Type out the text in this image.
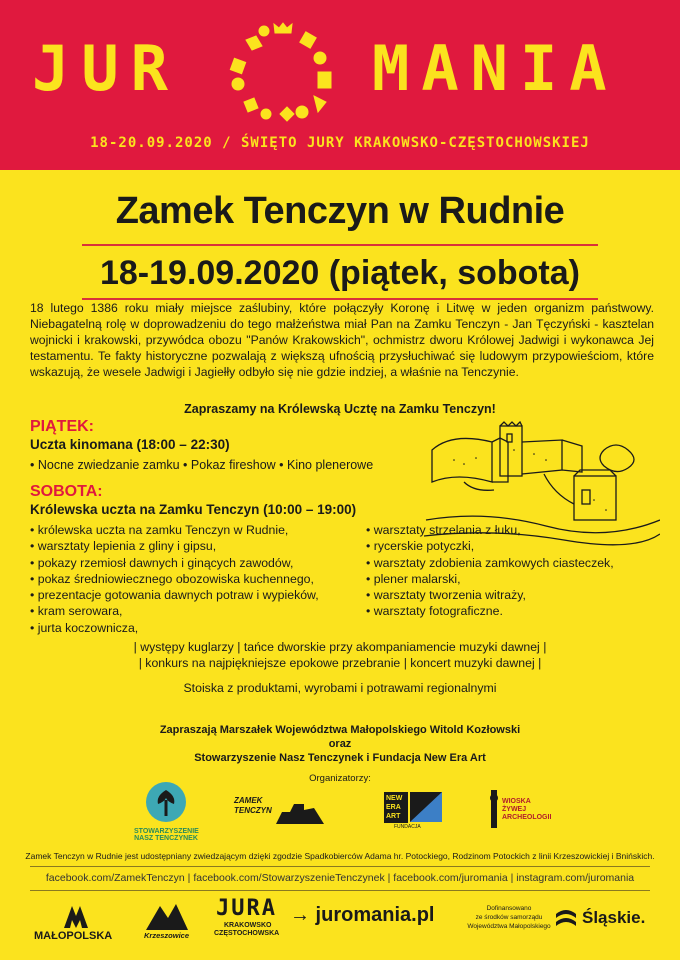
JUR	MANIA
18-20.09.2020 / ŚWIĘTO JURY KRAKOWSKO-CZĘSTOCHOWSKIEJ
Zamek Tenczyn w Rudnie
18-19.09.2020 (piątek, sobota)

18 lutego 1386 roku miały miejsce zaślubiny, które połączyły Koronę i Litwę w jeden organizm państwowy. Niebagatelną rolę w doprowadzeniu do tego małżeństwa miał Pan na Zamku Tenczyn - Jan Tęczyński - kasztelan wojnicki i krakowski, przywódca obozu "Panów Krakowskich", ochmistrz dworu Królowej Jadwigi i wykonawca Jej testamentu. Te fakty historyczne pozwalają z większą ufnością przysłuchiwać się ludowym przypowieściom, które wskazują, że wesele Jadwigi i Jagiełły odbyło się nie gdzie indziej, a właśnie na Tenczynie.

Zapraszamy na Królewską Ucztę na Zamku Tenczyn!
PIĄTEK:
Uczta kinomana (18:00 – 22:30)
• Nocne zwiedzanie zamku • Pokaz fireshow • Kino plenerowe
SOBOTA:
Królewska uczta na Zamku Tenczyn (10:00 – 19:00)
• królewska uczta na zamku Tenczyn w Rudnie,
• warsztaty lepienia z gliny i gipsu,
• pokazy rzemiosł dawnych i ginących zawodów,
• pokaz średniowiecznego obozowiska kuchennego,
• prezentacje gotowania dawnych potraw i wypieków,
• kram serowara,
• jurta koczownicza,
• warsztaty strzelania z łuku,
• rycerskie potyczki,
• warsztaty zdobienia zamkowych ciasteczek,
• plener malarski,
• warsztaty tworzenia witraży,
• warsztaty fotograficzne.
| występy kuglarzy | tańce dworskie przy akompaniamencie muzyki dawnej |
| konkurs na najpiękniejsze epokowe przebranie | koncert muzyki dawnej |
Stoiska z produktami, wyrobami i potrawami regionalnymi
Zapraszają Marszałek Województwa Małopolskiego Witold Kozłowski
oraz
Stowarzyszenie Nasz Tenczynek i Fundacja New Era Art
Organizatorzy:
STOWARZYSZENIE
NASZ TENCZYNEK
ZAMEK
TENCZYN
NEW
ERA
ART
FUNDACJA
WIOSKA
ŻYWEJ
ARCHEOLOGII
Zamek Tenczyn w Rudnie jest udostępniany zwiedzającym dzięki zgodzie Spadkobierców Adama hr. Potockiego, Rodzinom Potockich z linii Krzeszowickiej i Bnińskich.
facebook.com/ZamekTenczyn | facebook.com/StowarzyszenieTenczynek | facebook.com/juromania | instagram.com/juromania
MAŁOPOLSKA	Krzeszowice
JURA
KRAKOWSKO
CZĘSTOCHOWSKA
→ juromania.pl	Dofinansowano
ze środków samorządu
Województwa Małopolskiego Śląskie.
